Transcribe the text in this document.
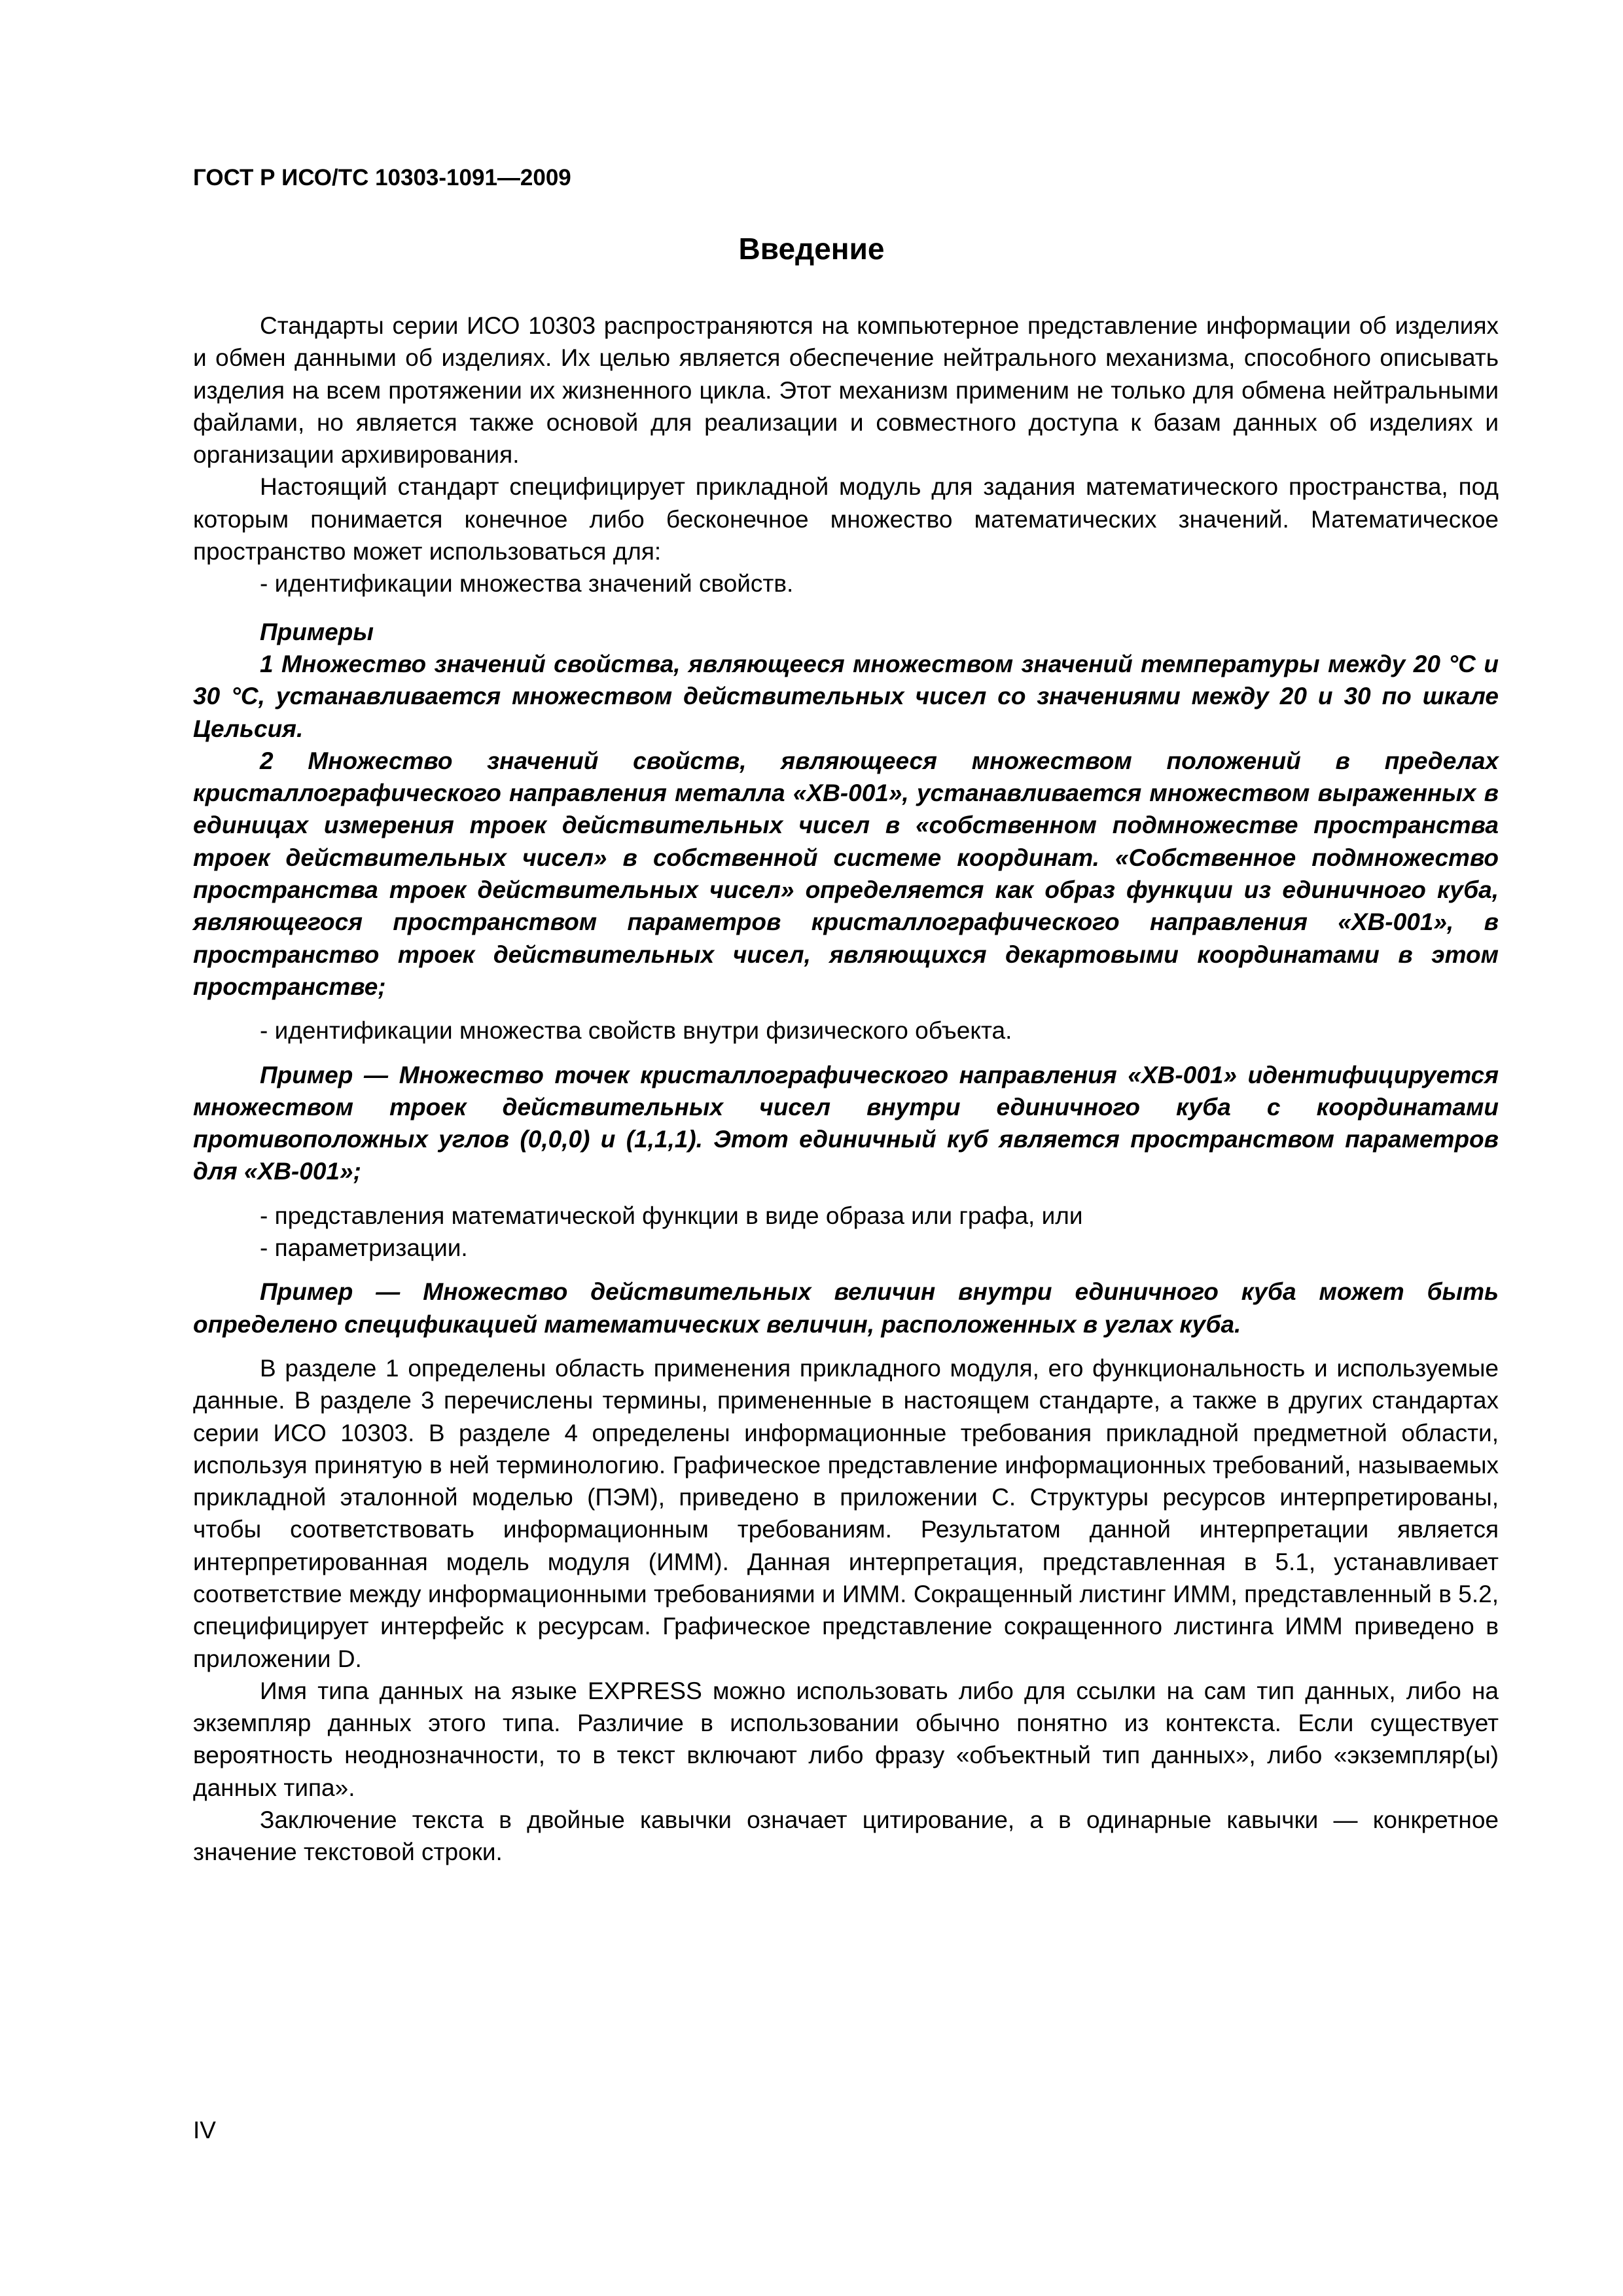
ГОСТ Р ИСО/ТС 10303-1091—2009
Введение

Стандарты серии ИСО 10303 распространяются на компьютерное представление информации об изделиях и обмен данными об изделиях. Их целью является обеспечение нейтрального механизма, способного описывать изделия на всем протяжении их жизненного цикла. Этот механизм применим не только для обмена нейтральными файлами, но является также основой для реализации и совместного доступа к базам данных об изделиях и организации архивирования.

Настоящий стандарт специфицирует прикладной модуль для задания математического пространства, под которым понимается конечное либо бесконечное множество математических значений. Математическое пространство может использоваться для:

- идентификации множества значений свойств.

Примеры

1 Множество значений свойства, являющееся множеством значений температуры между 20 °С и 30 °С, устанавливается множеством действительных чисел со значениями между 20 и 30 по шкале Цельсия.

2 Множество значений свойств, являющееся множеством положений в пределах кристаллографического направления металла «ХВ-001», устанавливается множеством выраженных в единицах измерения троек действительных чисел в «собственном подмножестве пространства троек действительных чисел» в собственной системе координат. «Собственное подмножество пространства троек действительных чисел» определяется как образ функции из единичного куба, являющегося пространством параметров кристаллографического направления «ХВ-001», в пространство троек действительных чисел, являющихся декартовыми координатами в этом пространстве;

- идентификации множества свойств внутри физического объекта.

Пример — Множество точек кристаллографического направления «ХВ-001» идентифицируется множеством троек действительных чисел внутри единичного куба с координатами противоположных углов (0,0,0) и (1,1,1). Этот единичный куб является пространством параметров для «ХВ-001»;

- представления математической функции в виде образа или графа, или

- параметризации.

Пример — Множество действительных величин внутри единичного куба может быть определено спецификацией математических величин, расположенных в углах куба.

В разделе 1 определены область применения прикладного модуля, его функциональность и используемые данные. В разделе 3 перечислены термины, примененные в настоящем стандарте, а также в других стандартах серии ИСО 10303. В разделе 4 определены информационные требования прикладной предметной области, используя принятую в ней терминологию. Графическое представление информационных требований, называемых прикладной эталонной моделью (ПЭМ), приведено в приложении С. Структуры ресурсов интерпретированы, чтобы соответствовать информационным требованиям. Результатом данной интерпретации является интерпретированная модель модуля (ИММ). Данная интерпретация, представленная в 5.1, устанавливает соответствие между информационными требованиями и ИММ. Сокращенный листинг ИММ, представленный в 5.2, специфицирует интерфейс к ресурсам. Графическое представление сокращенного листинга ИММ приведено в приложении D.

Имя типа данных на языке EXPRESS можно использовать либо для ссылки на сам тип данных, либо на экземпляр данных этого типа. Различие в использовании обычно понятно из контекста. Если существует вероятность неоднозначности, то в текст включают либо фразу «объектный тип данных», либо «экземпляр(ы) данных типа».

Заключение текста в двойные кавычки означает цитирование, а в одинарные кавычки — конкретное значение текстовой строки.

IV
